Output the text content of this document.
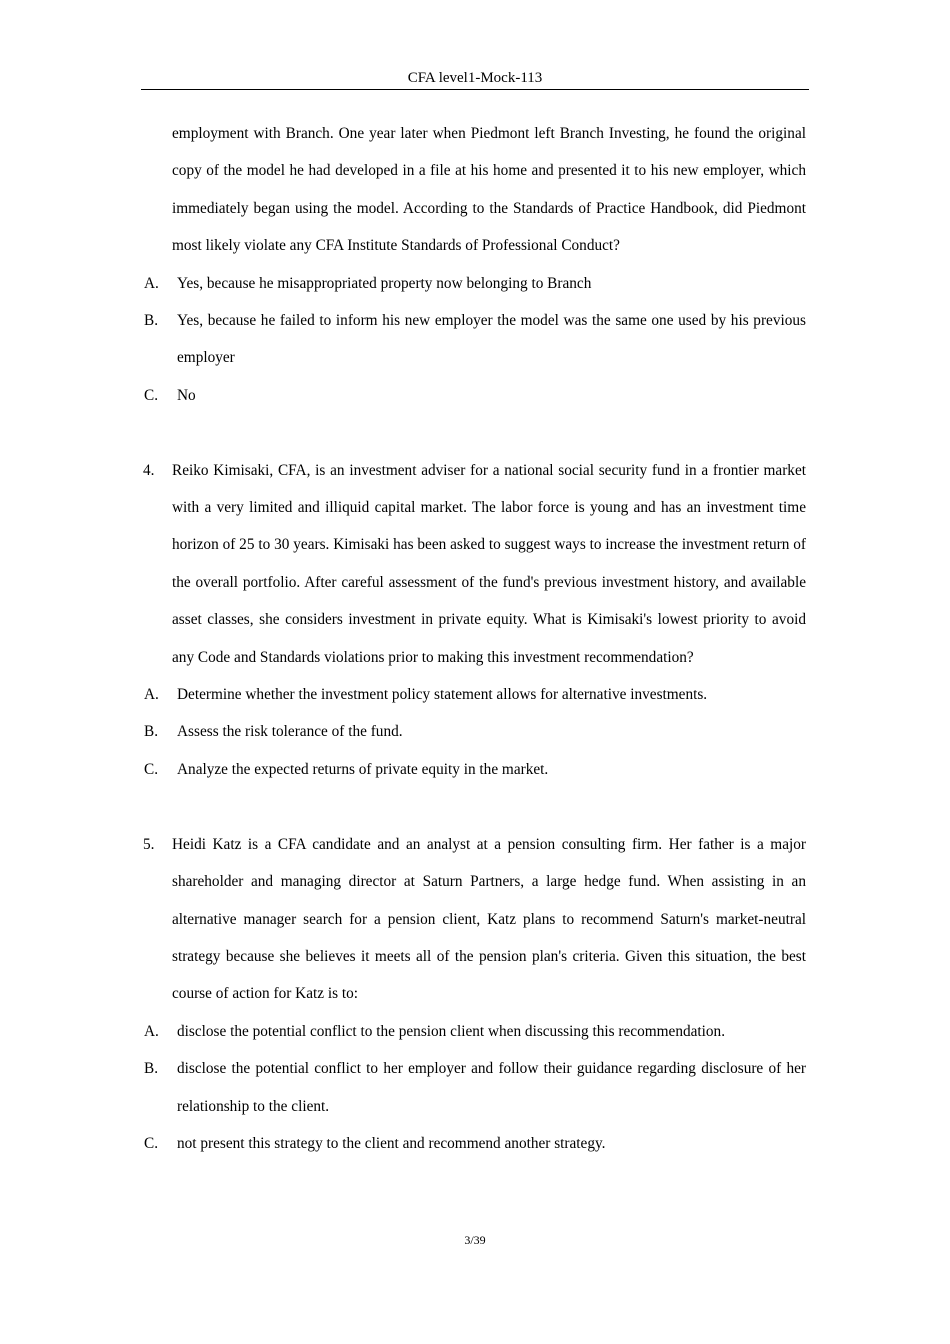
CFA level1-Mock-113
employment with Branch. One year later when Piedmont left Branch Investing, he found the original copy of the model he had developed in a file at his home and presented it to his new employer, which immediately began using the model. According to the Standards of Practice Handbook, did Piedmont most likely violate any CFA Institute Standards of Professional Conduct?
A. Yes, because he misappropriated property now belonging to Branch
B. Yes, because he failed to inform his new employer the model was the same one used by his previous employer
C. No
4. Reiko Kimisaki, CFA, is an investment adviser for a national social security fund in a frontier market with a very limited and illiquid capital market. The labor force is young and has an investment time horizon of 25 to 30 years. Kimisaki has been asked to suggest ways to increase the investment return of the overall portfolio. After careful assessment of the fund's previous investment history, and available asset classes, she considers investment in private equity. What is Kimisaki's lowest priority to avoid any Code and Standards violations prior to making this investment recommendation?
A. Determine whether the investment policy statement allows for alternative investments.
B. Assess the risk tolerance of the fund.
C. Analyze the expected returns of private equity in the market.
5. Heidi Katz is a CFA candidate and an analyst at a pension consulting firm. Her father is a major shareholder and managing director at Saturn Partners, a large hedge fund. When assisting in an alternative manager search for a pension client, Katz plans to recommend Saturn's market-neutral strategy because she believes it meets all of the pension plan's criteria. Given this situation, the best course of action for Katz is to:
A. disclose the potential conflict to the pension client when discussing this recommendation.
B. disclose the potential conflict to her employer and follow their guidance regarding disclosure of her relationship to the client.
C. not present this strategy to the client and recommend another strategy.
3/39
